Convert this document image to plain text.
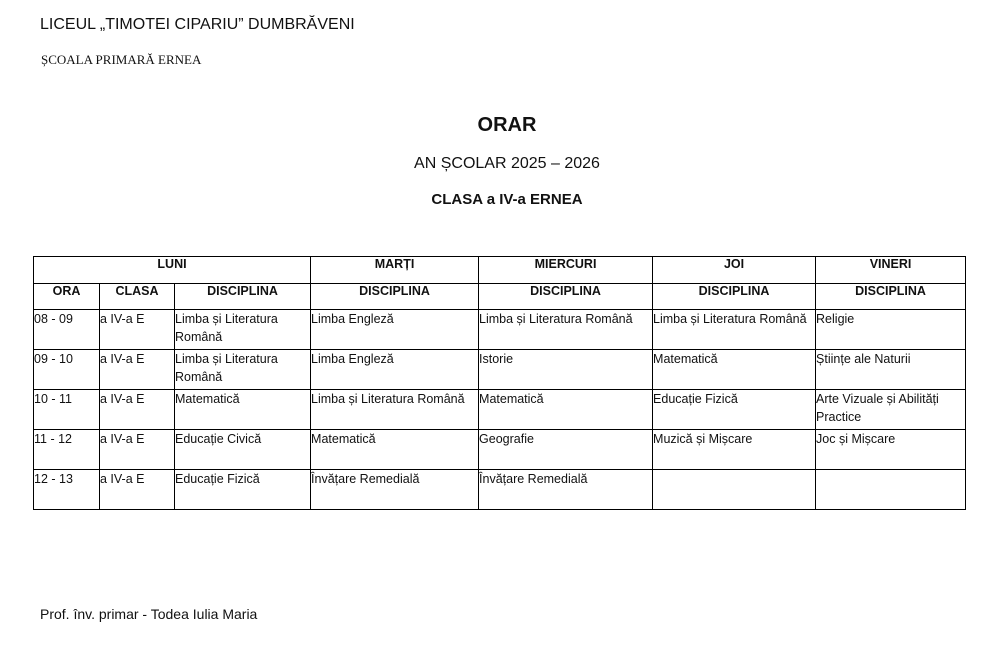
LICEUL „TIMOTEI CIPARIU” DUMBRĂVENI
ȘCOALA PRIMARĂ ERNEA
ORAR
AN ȘCOLAR 2025 – 2026
CLASA a IV-a ERNEA
LUNI			MARȚI	MIERCURI	JOI	VINERI
ORA	CLASA	DISCIPLINA	DISCIPLINA	DISCIPLINA	DISCIPLINA	DISCIPLINA
08 - 09	a IV-a E	Limba și Literatura Română	Limba Engleză	Limba și Literatura Română	Limba și Literatura Română	Religie
09 - 10	a IV-a E	Limba și Literatura Română	Limba Engleză	Istorie	Matematică	Științe ale Naturii
10 - 11	a IV-a E	Matematică	Limba și Literatura Română	Matematică	Educație Fizică	Arte Vizuale și Abilități Practice
11 - 12	a IV-a E	Educație Civică	Matematică	Geografie	Muzică și Mișcare	Joc și Mișcare
12 - 13	a IV-a E	Educație Fizică	Învățare Remedială	Învățare Remedială		
Prof. înv. primar - Todea Iulia Maria
